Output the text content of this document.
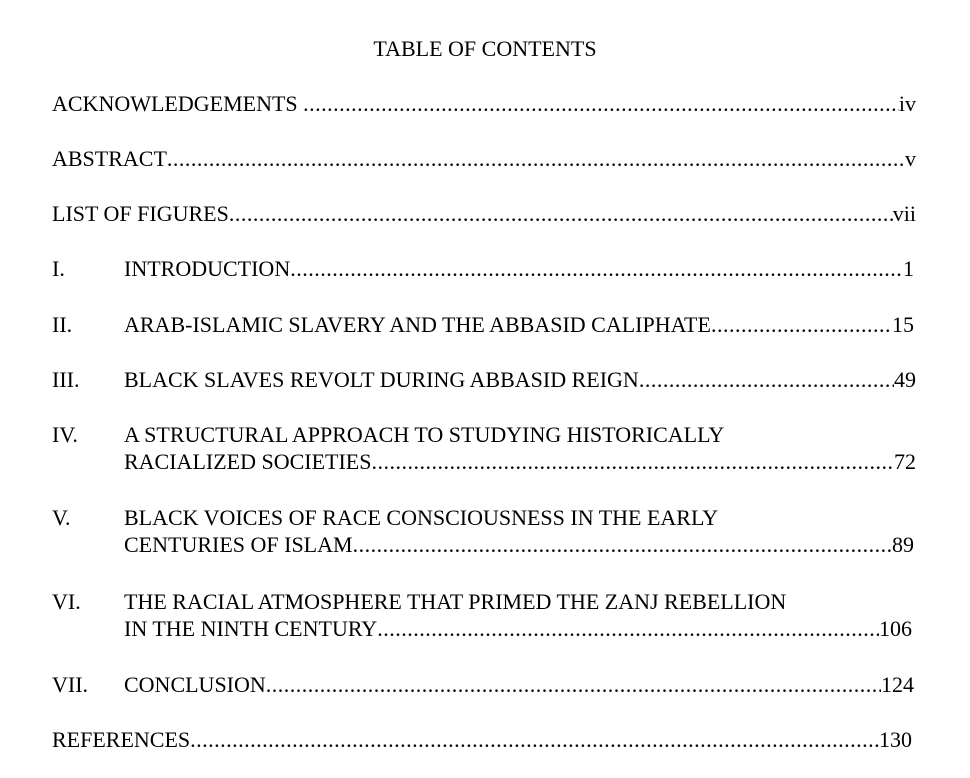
TABLE OF CONTENTS
ACKNOWLEDGEMENTS .....	iv
ABSTRACT .....	v
LIST OF FIGURES .....	vii
I.	INTRODUCTION .....	1
II. ARAB-ISLAMIC SLAVERY AND THE ABBASID CALIPHATE .....	15
III. BLACK SLAVES REVOLT DURING ABBASID REIGN .....	49
IV. A STRUCTURAL APPROACH TO STUDYING HISTORICALLY
RACIALIZED SOCIETIES .....	72
V. BLACK VOICES OF RACE CONSCIOUSNESS IN THE EARLY
CENTURIES OF ISLAM .....	89
VI. THE RACIAL ATMOSPHERE THAT PRIMED THE ZANJ REBELLION
IN THE NINTH CENTURY .....	106
VII. CONCLUSION .....	124
REFERENCES .....	130
